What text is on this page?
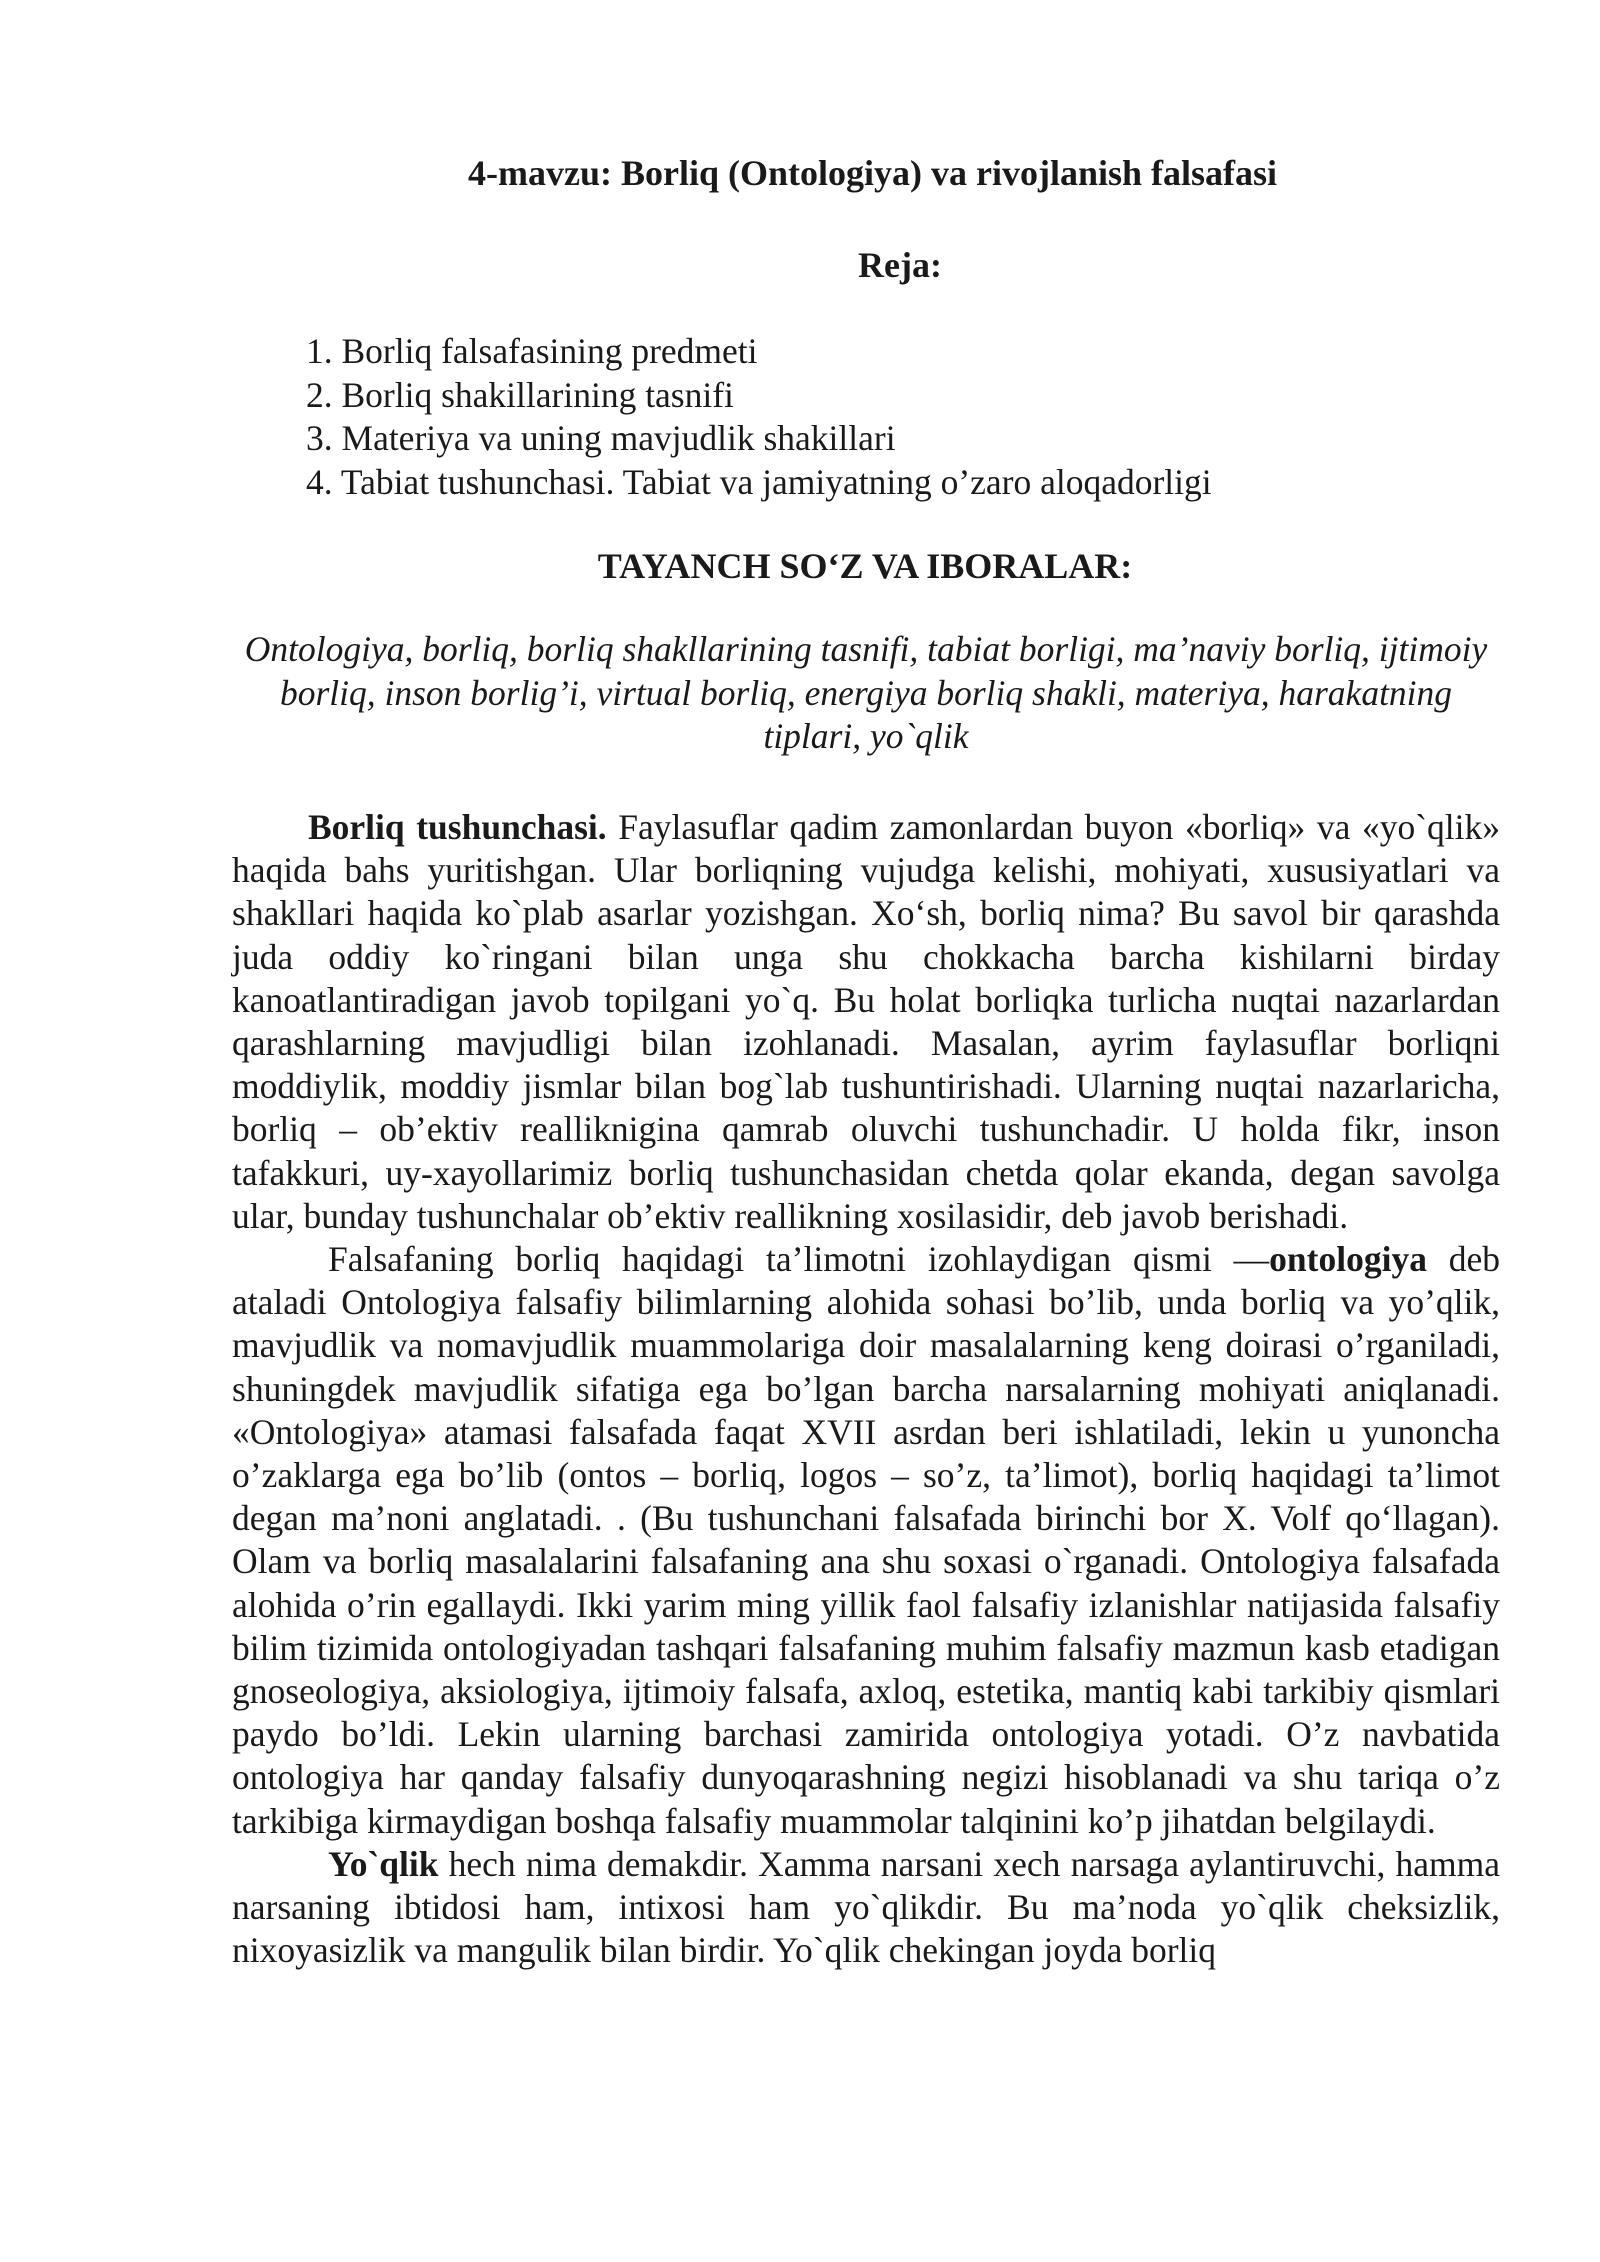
4-mavzu: Borliq (Ontologiya) va rivojlanish falsafasi
Reja:
1. Borliq falsafasining predmeti
2. Borliq shakillarining tasnifi
3. Materiya va uning mavjudlik shakillari
4. Tabiat tushunchasi. Tabiat va jamiyatning o’zaro aloqadorligi
TAYANCH SO‘Z VA IBORALAR:

Ontologiya, borliq, borliq shakllarining tasnifi, tabiat borligi, ma’naviy borliq, ijtimoiy borliq, inson borlig’i, virtual borliq, energiya borliq shakli, materiya, harakatning tiplari, yo`qlik

Borliq tushunchasi. Faylasuflar qadim zamonlardan buyon «borliq» va «yo`qlik» haqida bahs yuritishgan. Ular borliqning vujudga kelishi, mohiyati, xususiyatlari va shakllari haqida ko`plab asarlar yozishgan. Xo‘sh, borliq nima? Bu savol bir qarashda juda oddiy ko`ringani bilan unga shu chokkacha barcha kishilarni birday kanoatlantiradigan javob topilgani yo`q. Bu holat borliqka turlicha nuqtai nazarlardan qarashlarning mavjudligi bilan izohlanadi. Masalan, ayrim faylasuflar borliqni moddiylik, moddiy jismlar bilan bog`lab tushuntirishadi. Ularning nuqtai nazarlaricha, borliq – ob’ektiv reallikniginа qamrab oluvchi tushunchadir. U holda fikr, inson tafakkuri, uy-xayollarimiz borliq tushunchasidan chetda qolar ekanda, degan savolga ular, bunday tushunchalar ob’ektiv reallikning xosilasidir, deb javob berishadi.

Falsafaning borliq haqidagi ta’limotni izohlaydigan qismi —ontologiya deb ataladi Ontologiya falsafiy bilimlarning alohida sohasi bo’lib, unda borliq va yo’qlik, mavjudlik va nomavjudlik muammolariga doir masalalarning keng doirasi o’rganiladi, shuningdek mavjudlik sifatiga ega bo’lgan barcha narsalarning mohiyati aniqlanadi. «Ontologiya» atamasi falsafada faqat XVII asrdan beri ishlatiladi, lekin u yunoncha o’zaklarga ega bo’lib (ontos – borliq, logos – so’z, ta’limot), borliq haqidagi ta’limot degan ma’noni anglatadi. . (Bu tushunchani falsafada birinchi bor X. Volf qo‘llagan). Olam va borliq masalalarini falsafaning ana shu soxasi o`rganadi. Ontologiya falsafada alohida o’rin egallaydi. Ikki yarim ming yillik faol falsafiy izlanishlar natijasida falsafiy bilim tizimida ontologiyadan tashqari falsafaning muhim falsafiy mazmun kasb etadigan gnoseologiya, aksiologiya, ijtimoiy falsafa, axloq, estetika, mantiq kabi tarkibiy qismlari paydo bo’ldi. Lekin ularning barchasi zamirida ontologiya yotadi. O’z navbatida ontologiya har qanday falsafiy dunyoqarashning negizi hisoblanadi va shu tariqa o’z tarkibiga kirmaydigan boshqa falsafiy muammolar talqinini ko’p jihatdan belgilaydi.

Yo`qlik hech nima demakdir. Xamma narsani xech narsaga aylantiruvchi, hamma narsaning ibtidosi ham, intixosi ham yo`qlikdir. Bu ma’noda yo`qlik cheksizlik, nixoyasizlik va mangulik bilan birdir. Yo`qlik chekingan joyda borliq
